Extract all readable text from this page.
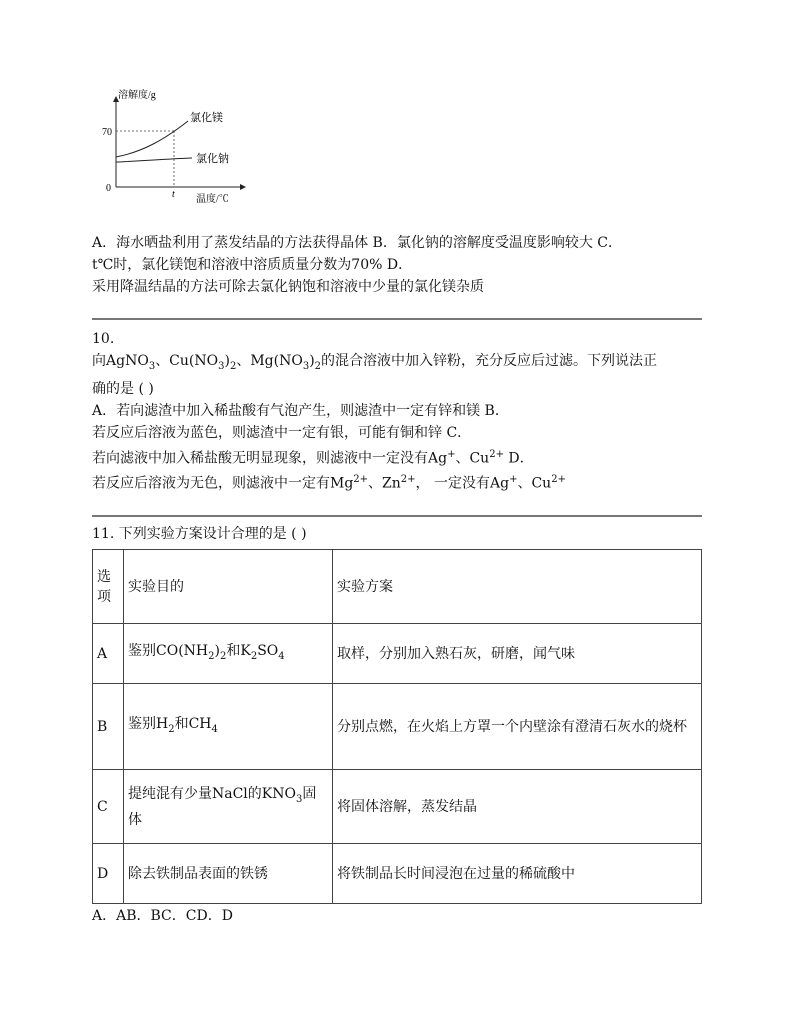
溶解度/g
70
0
t 温度/℃
氯化镁
氯化钠

A．海水晒盐利用了蒸发结晶的方法获得晶体 B．氯化钠的溶解度受温度影响较大 C．

t℃时，氯化镁饱和溶液中溶质质量分数为70% D．

采用降温结晶的方法可除去氯化钠饱和溶液中少量的氯化镁杂质

10.

向AgNO$_3$、$Cu(NO_3)_2$、$Mg(NO_3)_2$的混合溶液中加入锌粉，充分反应后过滤。下列说法正

确的是 ( )

A．若向滤渣中加入稀盐酸有气泡产生，则滤渣中一定有锌和镁 B．

若反应后溶液为蓝色，则滤渣中一定有银，可能有铜和锌 C．

若向滤液中加入稀盐酸无明显现象，则滤液中一定没有Ag+、$Cu^{2+}$ D．

若反应后溶液为无色，则滤液中一定有$Mg^{2+}$、$Zn^{2+}$， 一定没有Ag+、$Cu^{2+}$

11. 下列实验方案设计合理的是 ( )
选项	实验目的	实验方案
A	鉴别$CO(NH_2)_2$和$K_2SO_4$	取样，分别加入熟石灰，研磨，闻气味
B	鉴别$H_2$和$CH_4$	分别点燃，在火焰上方罩一个内壁涂有澄清石灰水的烧杯
C	提纯混有少量NaCl的$KNO_3$固体	将固体溶解，蒸发结晶
D	除去铁制品表面的铁锈	将铁制品长时间浸泡在过量的稀硫酸中
A．AB．BC．CD．D
